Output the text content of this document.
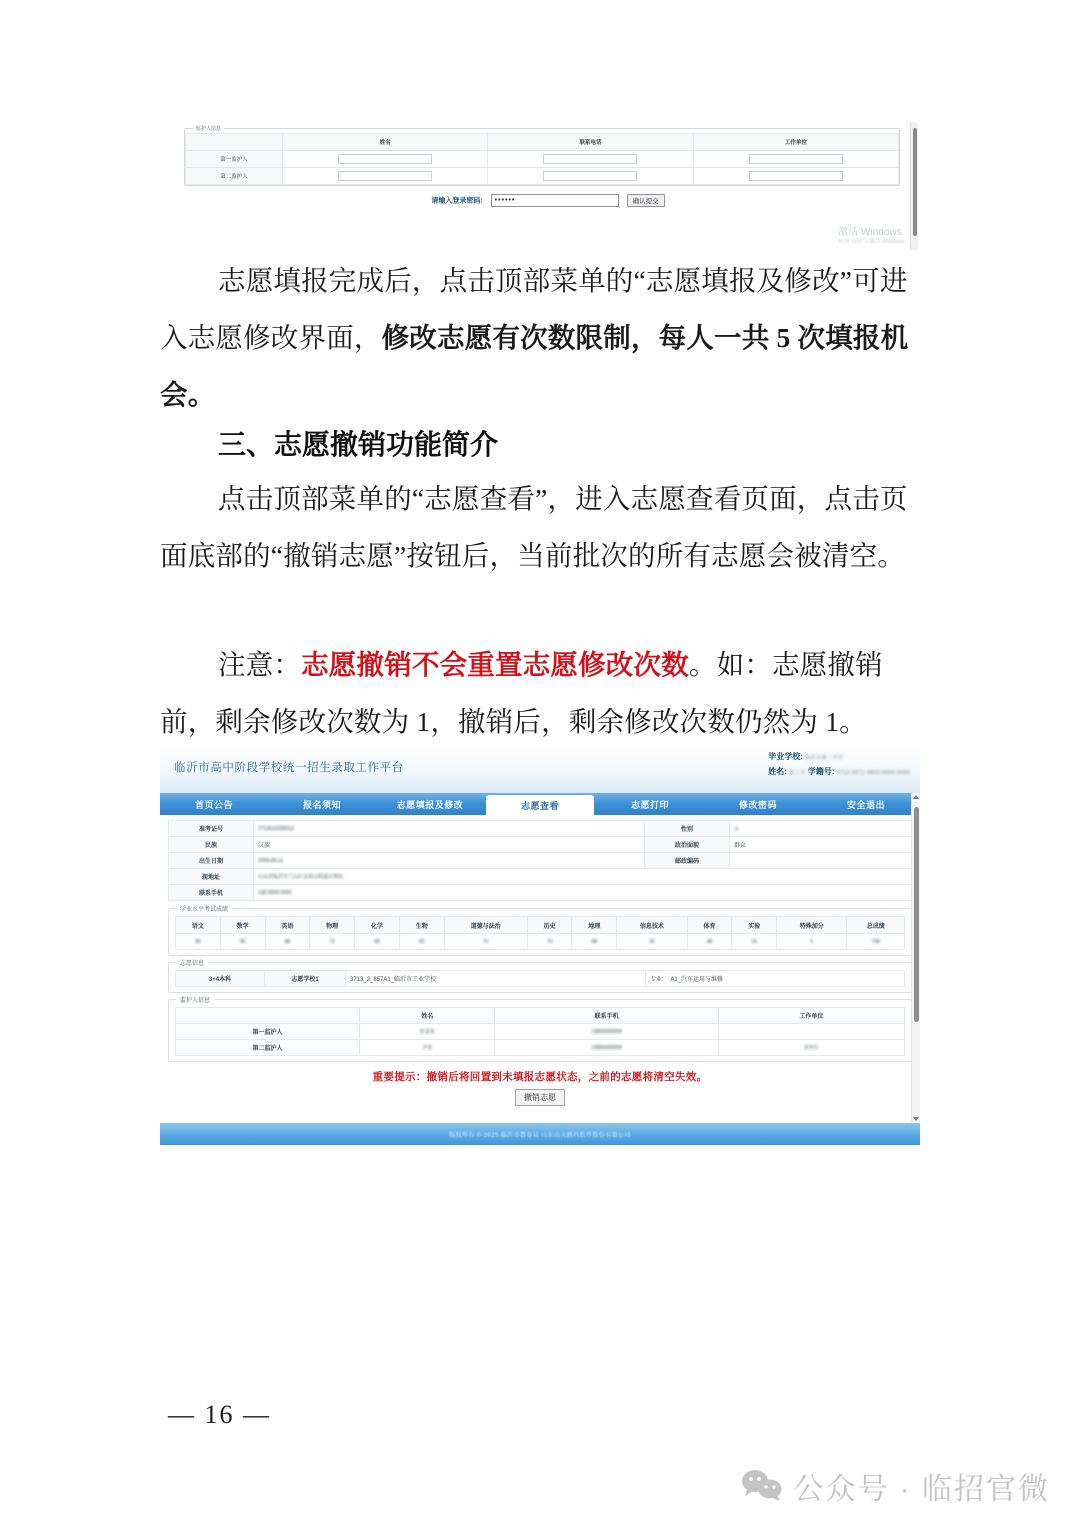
监护人信息
	姓名	联系电话	工作单位
第一监护人			
第二监护人			
请输入登录密码: ••••••	确认提交
激活 Windows
转到"设置"以激活 Windows。

志愿填报完成后，点击顶部菜单的“志愿填报及修改”可进入志愿修改界面，修改志愿有次数限制，每人一共 5 次填报机会。

三、志愿撤销功能简介

点击顶部菜单的“志愿查看”，进入志愿查看页面，点击页面底部的“撤销志愿”按钮后，当前批次的所有志愿会被清空。

注意：志愿撤销不会重置志愿修改次数。如：志愿撤销前，剩余修改次数为 1，撤销后，剩余修改次数仍然为 1。

临沂市高中阶段学校统一招生录取工作平台
毕业学校: 临沂市第二中学
姓名: 张三丰 学籍号: 3713 0071 0823 0000 0000
首页公告	报名须知	志愿填报及修改	志愿查看	志愿打印	修改密码	安全退出
准考证号	3713010200012	性别	女
民族	汉族	政治面貌	群众
出生日期	2009-08-11	邮政编码	
现地址	山东省临沂市兰山区金雀山街道办事处		
联系手机	138 0000 0000		
学业水平考试成绩
语文	数学	英语	物理	化学	生物	道德与法治	历史	地理	信息技术	体育	实验	特殊加分	总成绩
95	90	88	72	68	65	72	70	68	30	48	20	5	708
志愿信息
3+4本科	志愿学校1	3713_2_857A1_临沂市工业学校	专业: A1_汽车运用与维修
监护人信息
	姓名	联系手机	工作单位
第一监护人	张某某	13800000000	
第二监护人	李某	13900000000	某单位
重要提示：撤销后将回置到未填报志愿状态，之前的志愿将清空失效。
撤销志愿
版权所有 © 2025 临沂市教育局 山东山大鸥玛软件股份有限公司
— 16 —
公众号 · 临招官微
